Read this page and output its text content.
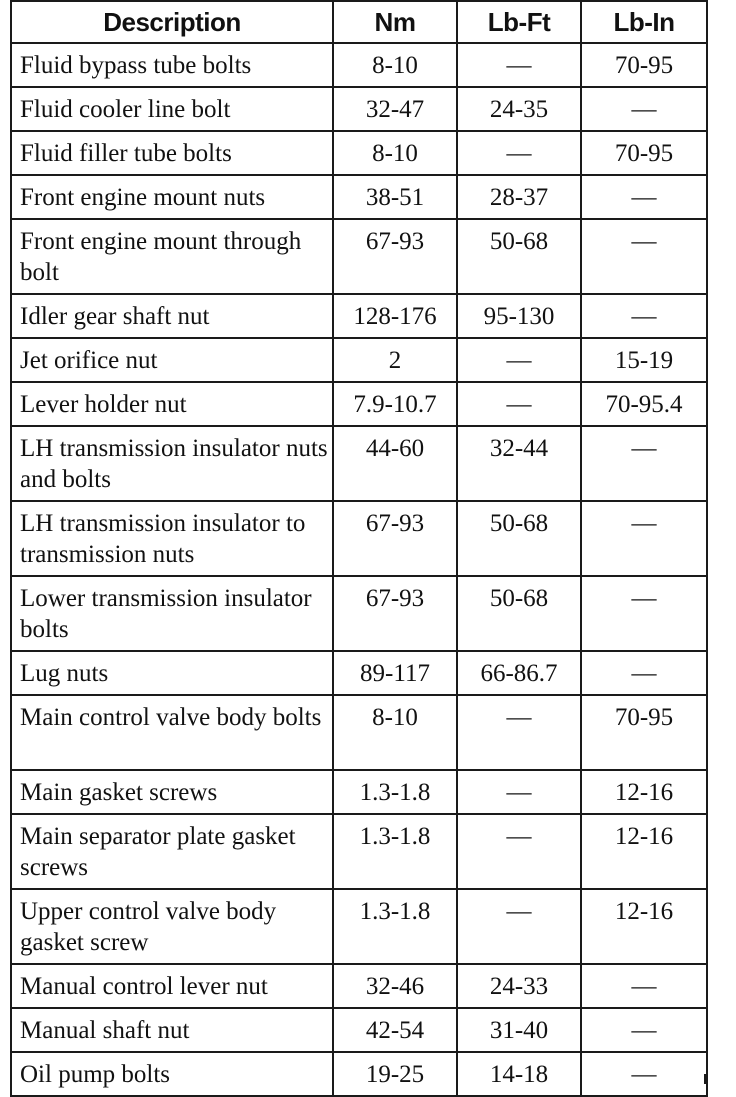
Description	Nm	Lb-Ft	Lb-In
Fluid bypass tube bolts	8-10	—	70-95
Fluid cooler line bolt	32-47	24-35	—
Fluid filler tube bolts	8-10	—	70-95
Front engine mount nuts	38-51	28-37	—
Front engine mount through bolt	67-93	50-68	—
Idler gear shaft nut	128-176	95-130	—
Jet orifice nut	2	—	15-19
Lever holder nut	7.9-10.7	—	70-95.4
LH transmission insulator nuts and bolts	44-60	32-44	—
LH transmission insulator to transmission nuts	67-93	50-68	—
Lower transmission insulator bolts	67-93	50-68	—
Lug nuts	89-117	66-86.7	—
Main control valve body bolts	8-10	—	70-95
Main gasket screws	1.3-1.8	—	12-16
Main separator plate gasket screws	1.3-1.8	—	12-16
Upper control valve body gasket screw	1.3-1.8	—	12-16
Manual control lever nut	32-46	24-33	—
Manual shaft nut	42-54	31-40	—
Oil pump bolts	19-25	14-18	—
